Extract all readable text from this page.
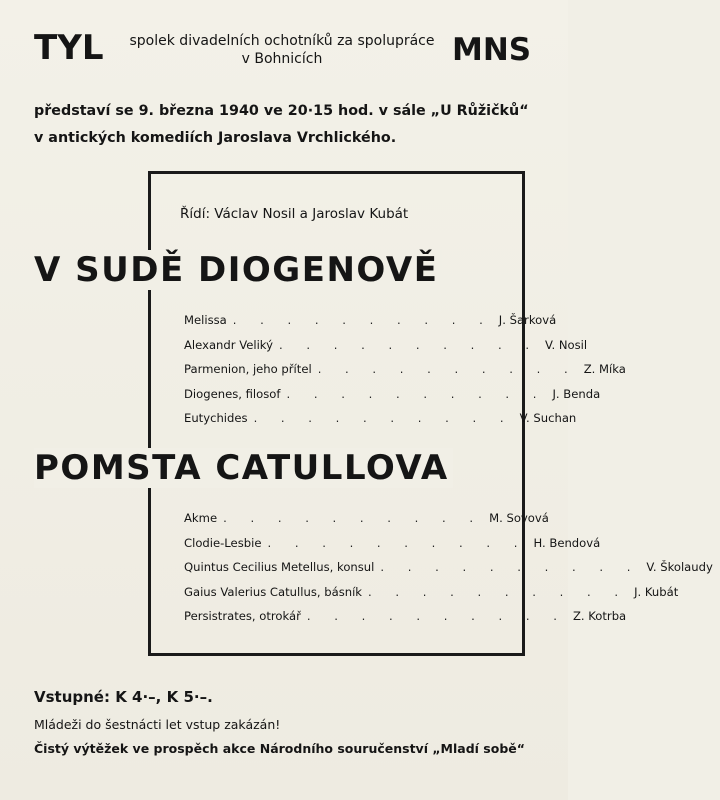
TYL	spolek divadelních ochotníků za spolupráce
v Bohnicích	MNS
představí se 9. března 1940 ve 20·15 hod. v sále „U Růžičků“
v antických komediích Jaroslava Vrchlického.
Řídí: Václav Nosil a Jaroslav Kubát
V SUDĚ DIOGENOVĚ
Melissa . . . . . . . . . . J. Šarková
Alexandr Veliký . . . . . . . . . . V. Nosil
Parmenion, jeho přítel . . . . . . . . . . Z. Míka
Diogenes, filosof . . . . . . . . . . J. Benda
Eutychides . . . . . . . . . . V. Suchan
POMSTA CATULLOVA
Akme . . . . . . . . . . M. Sovová
Clodie-Lesbie . . . . . . . . . . H. Bendová
Quintus Cecilius Metellus, konsul . . . . . . . . . . V. Školaudy
Gaius Valerius Catullus, básník . . . . . . . . . . J. Kubát
Persistrates, otrokář . . . . . . . . . . Z. Kotrba
Vstupné: K 4·–, K 5·–.
Mládeži do šestnácti let vstup zakázán!
Čistý výtěžek ve prospěch akce Národního souručenství „Mladí sobě“
